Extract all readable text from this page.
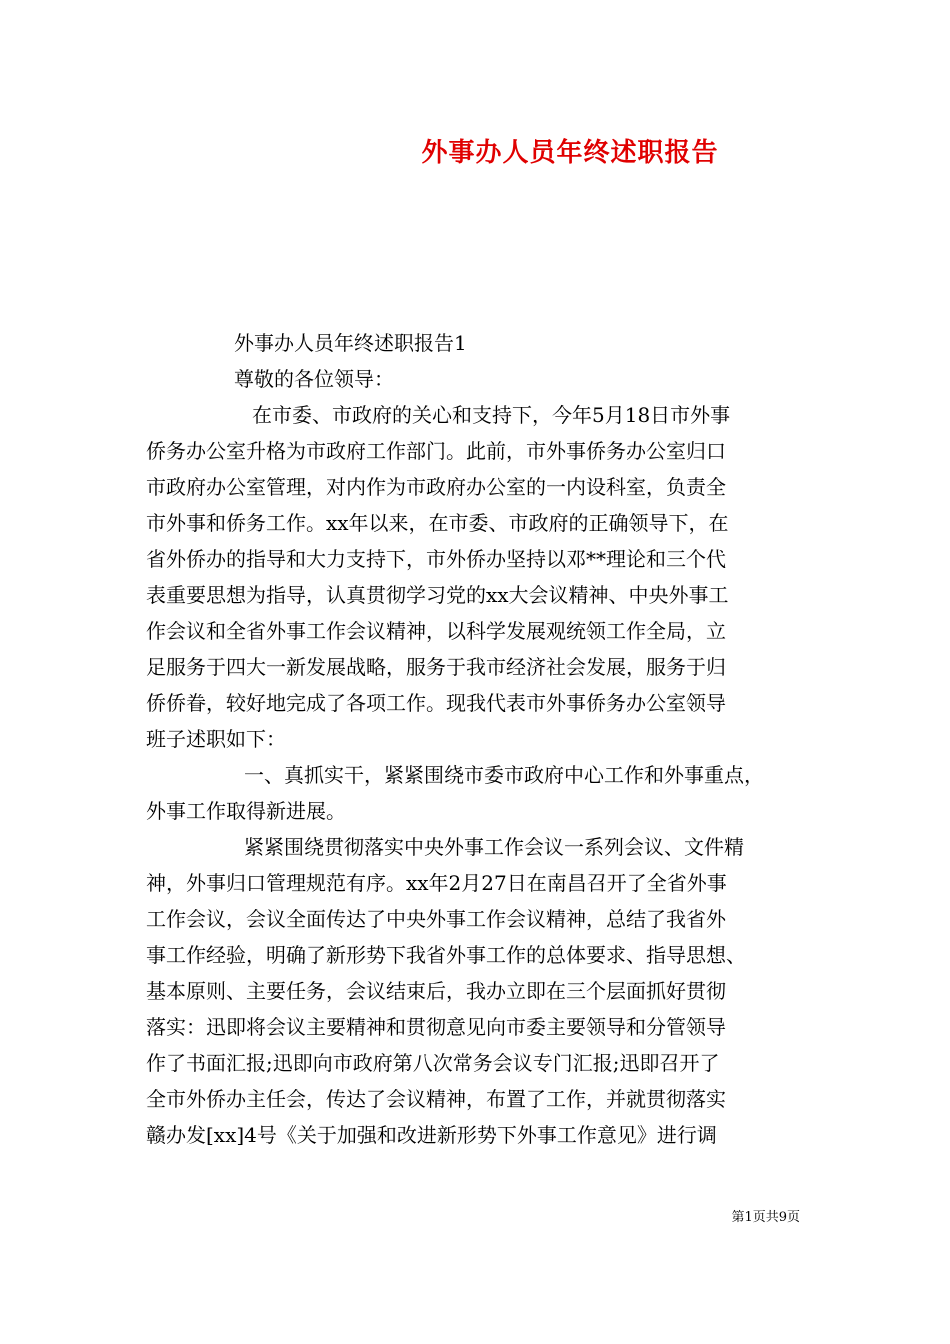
外事办人员年终述职报告

外事办人员年终述职报告1

尊敬的各位领导：

在市委、市政府的关心和支持下，今年5月18日市外事

侨务办公室升格为市政府工作部门。此前，市外事侨务办公室归口

市政府办公室管理，对内作为市政府办公室的一内设科室，负责全

市外事和侨务工作。xx年以来，在市委、市政府的正确领导下，在

省外侨办的指导和大力支持下，市外侨办坚持以邓**理论和三个代

表重要思想为指导，认真贯彻学习党的xx大会议精神、中央外事工

作会议和全省外事工作会议精神，以科学发展观统领工作全局，立

足服务于四大一新发展战略，服务于我市经济社会发展，服务于归

侨侨眷，较好地完成了各项工作。现我代表市外事侨务办公室领导

班子述职如下：

一、真抓实干，紧紧围绕市委市政府中心工作和外事重点，

外事工作取得新进展。

紧紧围绕贯彻落实中央外事工作会议一系列会议、文件精

神，外事归口管理规范有序。xx年2月27日在南昌召开了全省外事

工作会议，会议全面传达了中央外事工作会议精神，总结了我省外

事工作经验，明确了新形势下我省外事工作的总体要求、指导思想、

基本原则、主要任务，会议结束后，我办立即在三个层面抓好贯彻

落实：迅即将会议主要精神和贯彻意见向市委主要领导和分管领导

作了书面汇报;迅即向市政府第八次常务会议专门汇报;迅即召开了

全市外侨办主任会，传达了会议精神，布置了工作，并就贯彻落实

赣办发[xx]4号《关于加强和改进新形势下外事工作意见》进行调

第1页共9页
